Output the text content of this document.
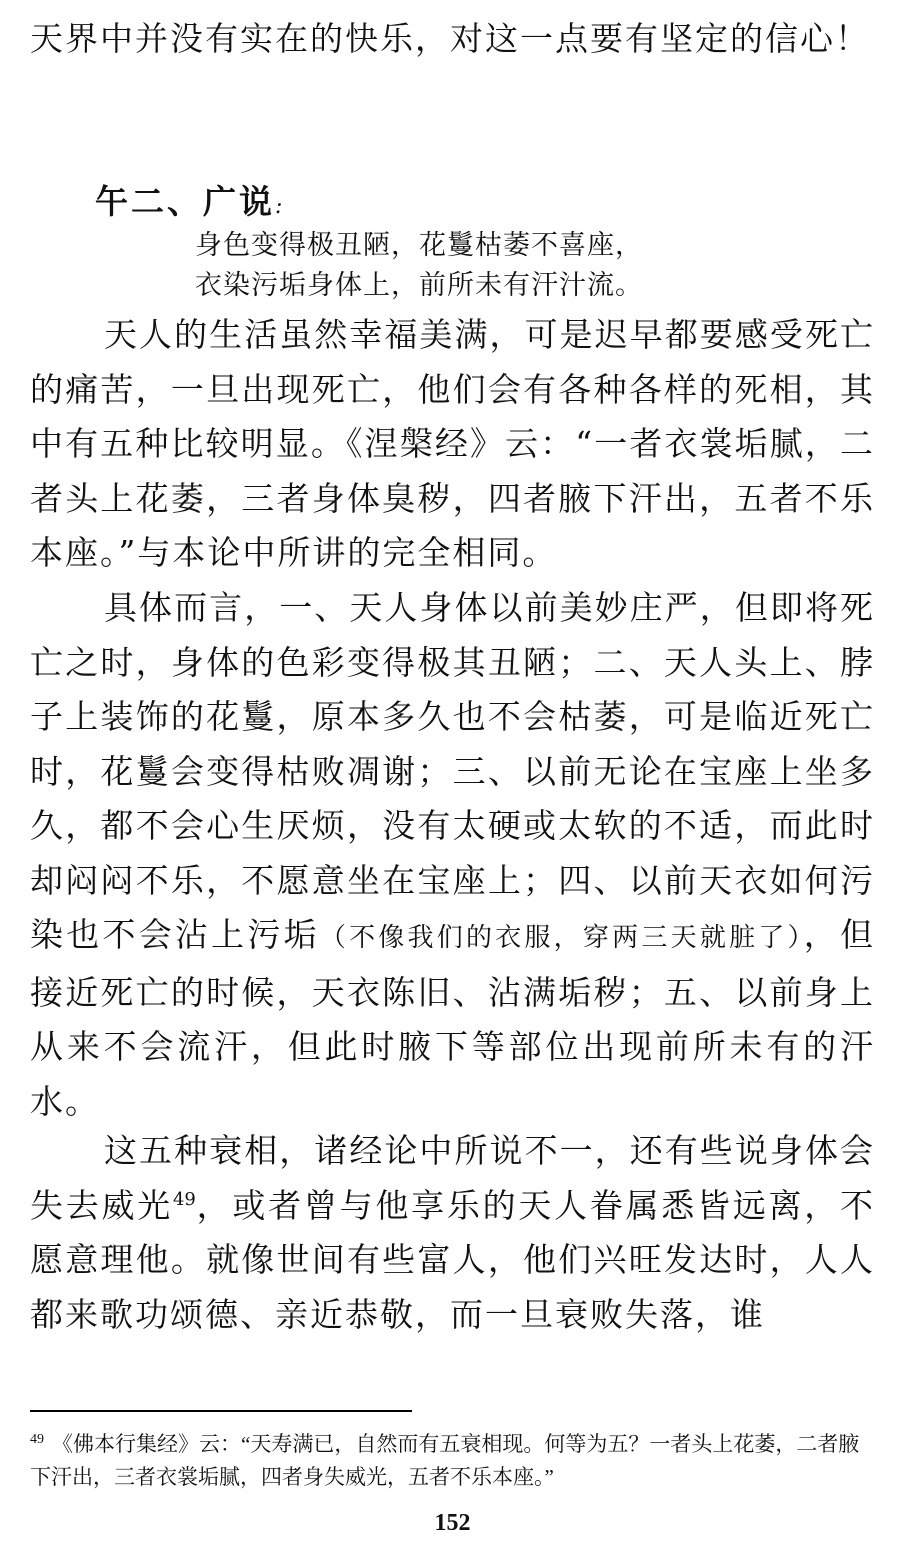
天界中并没有实在的快乐，对这一点要有坚定的信心！

午二、广说:

身色变得极丑陋，花鬘枯萎不喜座，

衣染污垢身体上，前所未有汗汁流。

天人的生活虽然幸福美满，可是迟早都要感受死亡的痛苦，一旦出现死亡，他们会有各种各样的死相，其中有五种比较明显。《涅槃经》云：“一者衣裳垢腻，二者头上花萎，三者身体臭秽，四者腋下汗出，五者不乐本座。”与本论中所讲的完全相同。

具体而言，一、天人身体以前美妙庄严，但即将死亡之时，身体的色彩变得极其丑陋；二、天人头上、脖子上装饰的花鬘，原本多久也不会枯萎，可是临近死亡时，花鬘会变得枯败凋谢；三、以前无论在宝座上坐多久，都不会心生厌烦，没有太硬或太软的不适，而此时却闷闷不乐，不愿意坐在宝座上；四、以前天衣如何污染也不会沾上污垢（不像我们的衣服，穿两三天就脏了），但接近死亡的时候，天衣陈旧、沾满垢秽；五、以前身上从来不会流汗，但此时腋下等部位出现前所未有的汗水。

这五种衰相，诸经论中所说不一，还有些说身体会失去威光$^{49}$，或者曾与他享乐的天人眷属悉皆远离，不愿意理他。就像世间有些富人，他们兴旺发达时，人人都来歌功颂德、亲近恭敬，而一旦衰败失落，谁

$^{49}$ 《佛本行集经》云：“天寿满已，自然而有五衰相现。何等为五？一者头上花萎，二者腋下汗出，三者衣裳垢腻，四者身失威光，五者不乐本座。”

152
